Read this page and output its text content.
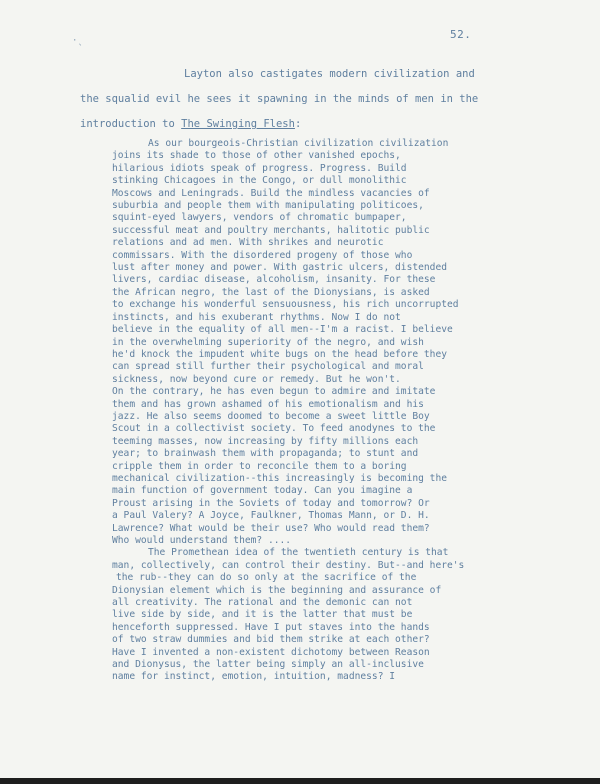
·ˎ	52.
Layton also castigates modern civilization and
the squalid evil he sees it spawning in the minds of men in the
introduction to The Swinging Flesh:
As our bourgeois-Christian civilization civilization
joins its shade to those of other vanished epochs,
hilarious idiots speak of progress. Progress. Build
stinking Chicagoes in the Congo, or dull monolithic
Moscows and Leningrads. Build the mindless vacancies of
suburbia and people them with manipulating politicoes,
squint-eyed lawyers, vendors of chromatic bumpaper,
successful meat and poultry merchants, halitotic public
relations and ad men. With shrikes and neurotic
commissars. With the disordered progeny of those who
lust after money and power. With gastric ulcers, distended
livers, cardiac disease, alcoholism, insanity. For these
the African negro, the last of the Dionysians, is asked
to exchange his wonderful sensuousness, his rich uncorrupted
instincts, and his exuberant rhythms. Now I do not
believe in the equality of all men--I'm a racist. I believe
in the overwhelming superiority of the negro, and wish
he'd knock the impudent white bugs on the head before they
can spread still further their psychological and moral
sickness, now beyond cure or remedy. But he won't.
On the contrary, he has even begun to admire and imitate
them and has grown ashamed of his emotionalism and his
jazz. He also seems doomed to become a sweet little Boy
Scout in a collectivist society. To feed anodynes to the
teeming masses, now increasing by fifty millions each
year; to brainwash them with propaganda; to stunt and
cripple them in order to reconcile them to a boring
mechanical civilization--this increasingly is becoming the
main function of government today. Can you imagine a
Proust arising in the Soviets of today and tomorrow? Or
a Paul Valery? A Joyce, Faulkner, Thomas Mann, or D. H.
Lawrence? What would be their use? Who would read them?
Who would understand them? ....
The Promethean idea of the twentieth century is that
man, collectively, can control their destiny. But--and here's
the rub--they can do so only at the sacrifice of the
Dionysian element which is the beginning and assurance of
all creativity. The rational and the demonic can not
live side by side, and it is the latter that must be
henceforth suppressed. Have I put staves into the hands
of two straw dummies and bid them strike at each other?
Have I invented a non-existent dichotomy between Reason
and Dionysus, the latter being simply an all-inclusive
name for instinct, emotion, intuition, madness? I
